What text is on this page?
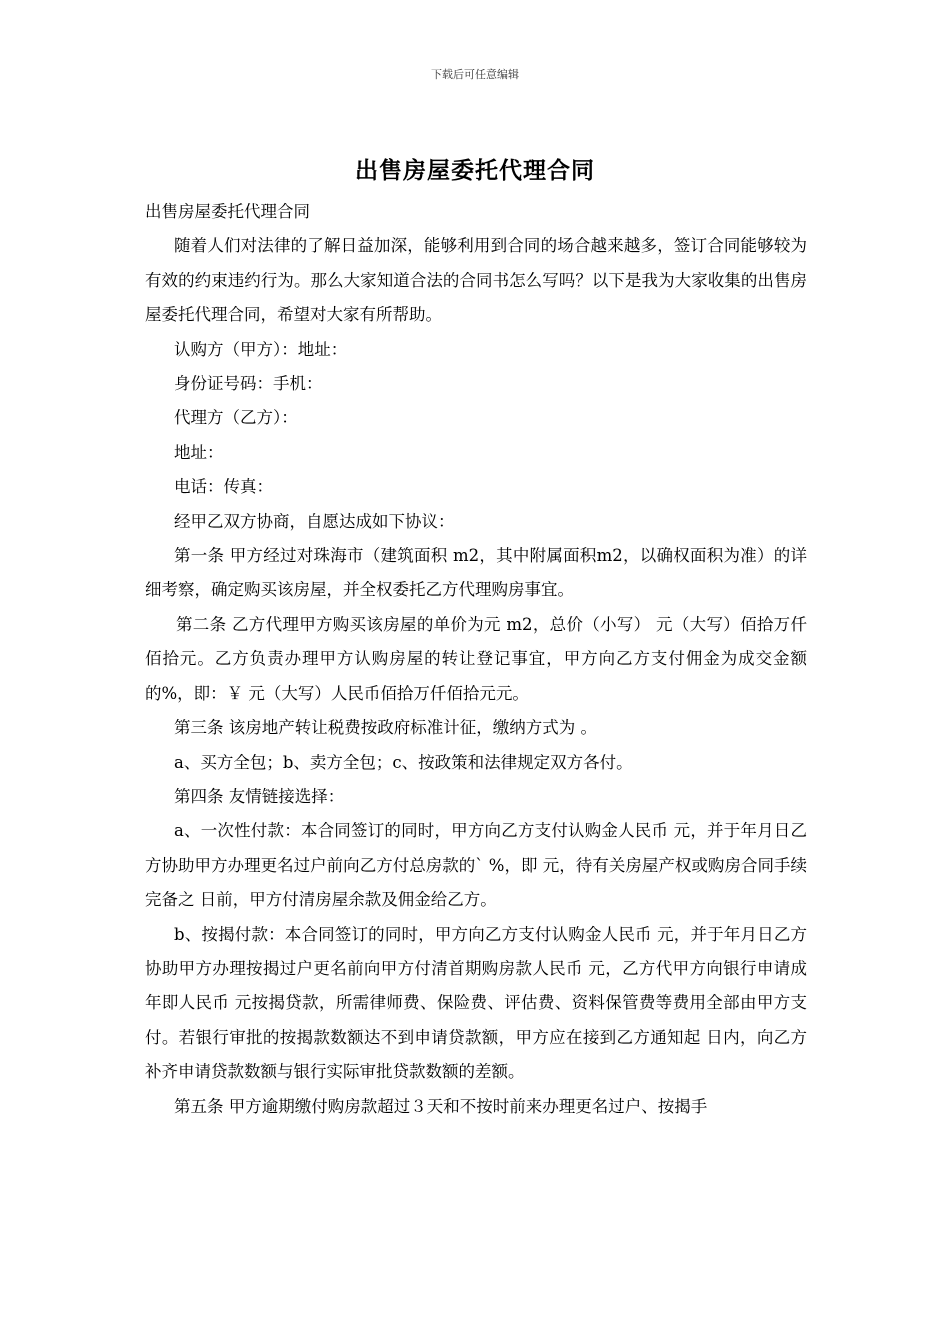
下载后可任意编辑
出售房屋委托代理合同

出售房屋委托代理合同

随着人们对法律的了解日益加深，能够利用到合同的场合越来越多，签订合同能够较为有效的约束违约行为。那么大家知道合法的合同书怎么写吗？以下是我为大家收集的出售房屋委托代理合同，希望对大家有所帮助。

认购方（甲方）：地址：

身份证号码：手机：

代理方（乙方）：

地址：

电话：传真：

经甲乙双方协商，自愿达成如下协议：

第一条 甲方经过对珠海市（建筑面积 m2，其中附属面积m2，以确权面积为准）的详细考察，确定购买该房屋，并全权委托乙方代理购房事宜。

第二条 乙方代理甲方购买该房屋的单价为元 m2，总价（小写） 元（大写）佰拾万仟佰拾元。乙方负责办理甲方认购房屋的转让登记事宜，甲方向乙方支付佣金为成交金额的%，即：￥ 元（大写）人民币佰拾万仟佰拾元元。

第三条 该房地产转让税费按政府标准计征，缴纳方式为 。

a、买方全包；b、卖方全包；c、按政策和法律规定双方各付。

第四条 友情链接选择：

a、一次性付款：本合同签订的同时，甲方向乙方支付认购金人民币 元，并于年月日乙方协助甲方办理更名过户前向乙方付总房款的` %，即 元，待有关房屋产权或购房合同手续完备之 日前，甲方付清房屋余款及佣金给乙方。

b、按揭付款：本合同签订的同时，甲方向乙方支付认购金人民币 元，并于年月日乙方协助甲方办理按揭过户更名前向甲方付清首期购房款人民币 元，乙方代甲方向银行申请成年即人民币 元按揭贷款，所需律师费、保险费、评估费、资料保管费等费用全部由甲方支付。若银行审批的按揭款数额达不到申请贷款额，甲方应在接到乙方通知起 日内，向乙方补齐申请贷款数额与银行实际审批贷款数额的差额。

第五条 甲方逾期缴付购房款超过３天和不按时前来办理更名过户、按揭手
